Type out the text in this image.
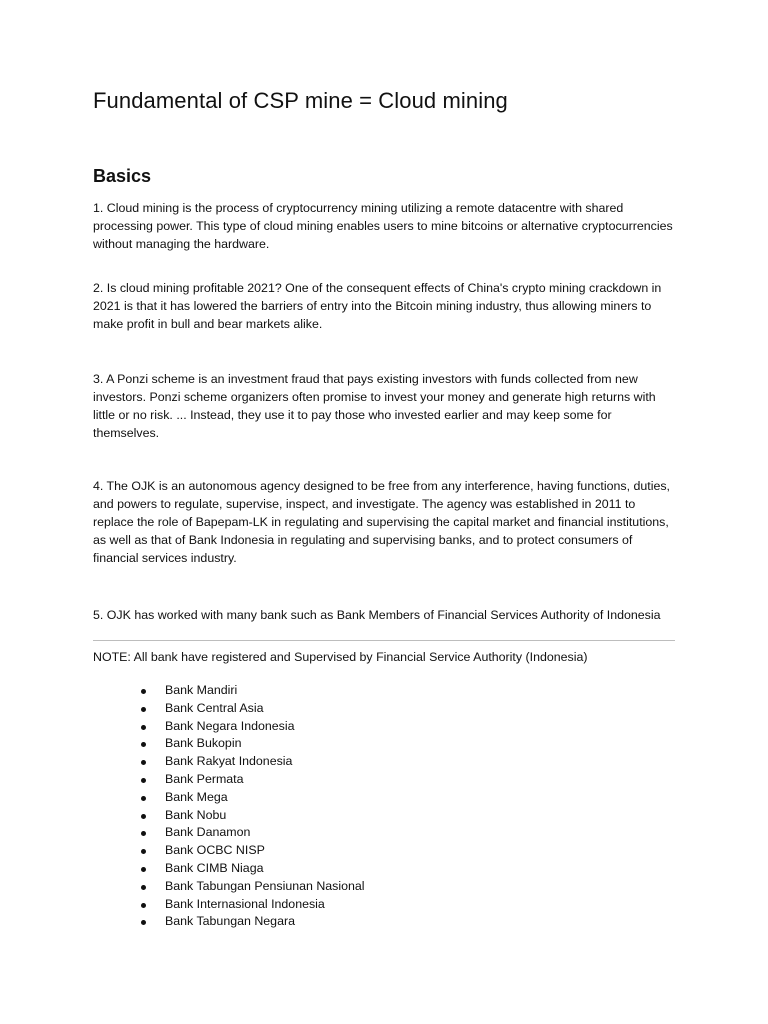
Fundamental of CSP mine = Cloud mining
Basics

1. Cloud mining is the process of cryptocurrency mining utilizing a remote datacentre with shared processing power. This type of cloud mining enables users to mine bitcoins or alternative cryptocurrencies without managing the hardware.

2. Is cloud mining profitable 2021? One of the consequent effects of China's crypto mining crackdown in 2021 is that it has lowered the barriers of entry into the Bitcoin mining industry, thus allowing miners to make profit in bull and bear markets alike.

3. A Ponzi scheme is an investment fraud that pays existing investors with funds collected from new investors. Ponzi scheme organizers often promise to invest your money and generate high returns with little or no risk. ... Instead, they use it to pay those who invested earlier and may keep some for themselves.

4. The OJK is an autonomous agency designed to be free from any interference, having functions, duties, and powers to regulate, supervise, inspect, and investigate. The agency was established in 2011 to replace the role of Bapepam-LK in regulating and supervising the capital market and financial institutions, as well as that of Bank Indonesia in regulating and supervising banks, and to protect consumers of financial services industry.

5. OJK has worked with many bank such as Bank Members of Financial Services Authority of Indonesia

NOTE: All bank have registered and Supervised by Financial Service Authority (Indonesia)

Bank Mandiri
Bank Central Asia
Bank Negara Indonesia
Bank Bukopin
Bank Rakyat Indonesia
Bank Permata
Bank Mega
Bank Nobu
Bank Danamon
Bank OCBC NISP
Bank CIMB Niaga
Bank Tabungan Pensiunan Nasional
Bank Internasional Indonesia
Bank Tabungan Negara
